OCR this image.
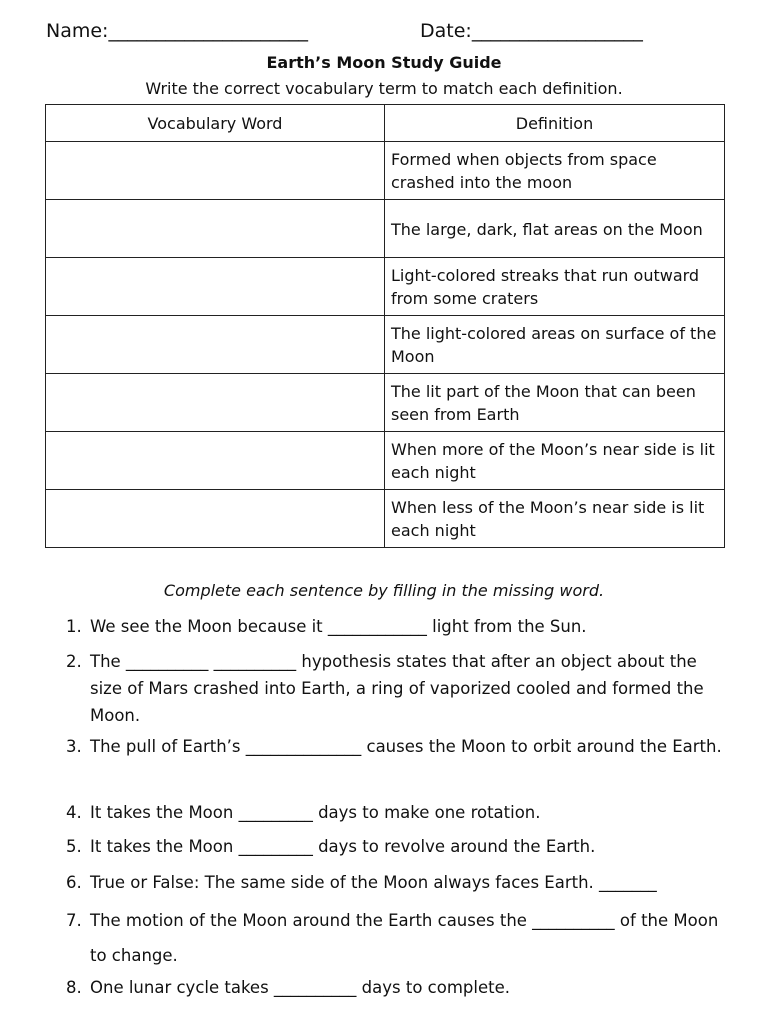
Name:_____________________	Date:__________________
Earth’s Moon Study Guide
Write the correct vocabulary term to match each definition.
Vocabulary Word	Definition
	Formed when objects from space crashed into the moon
	The large, dark, flat areas on the Moon
	Light-colored streaks that run outward from some craters
	The light-colored areas on surface of the Moon
	The lit part of the Moon that can been seen from Earth
	When more of the Moon’s near side is lit each night
	When less of the Moon’s near side is lit each night
Complete each sentence by filling in the missing word.
1. We see the Moon because it ____________ light from the Sun.
2. The __________ __________ hypothesis states that after an object about the size of Mars crashed into Earth, a ring of vaporized cooled and formed the Moon.
3. The pull of Earth’s ______________ causes the Moon to orbit around the Earth.
4. It takes the Moon _________ days to make one rotation.
5. It takes the Moon _________ days to revolve around the Earth.
6. True or False: The same side of the Moon always faces Earth. _______
7. The motion of the Moon around the Earth causes the __________ of the Moon to change.
8. One lunar cycle takes __________ days to complete.
